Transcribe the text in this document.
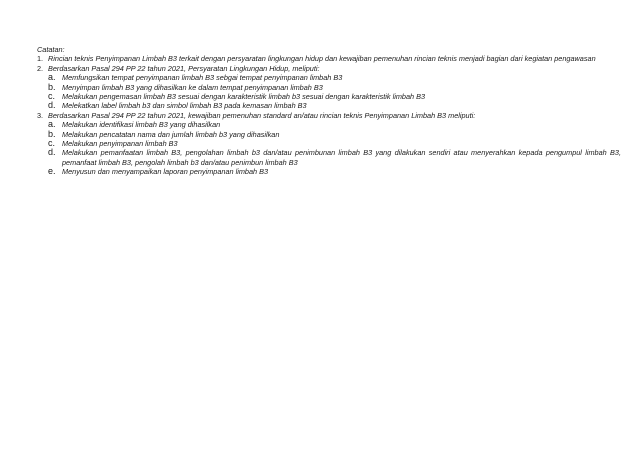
Catatan:
1. Rincian teknis Penyimpanan Limbah B3 terkait dengan persyaratan lingkungan hidup dan kewajiban pemenuhan rincian teknis menjadi bagian dari kegiatan pengawasan
2. Berdasarkan Pasal 294 PP 22 tahun 2021, Persyaratan Lingkungan Hidup, meliputi:
a. Memfungsikan tempat penyimpanan limbah B3 sebgai tempat penyimpanan limbah B3
b. Menyimpan limbah B3 yang dihasilkan ke dalam tempat penyimpanan limbah B3
c. Melakukan pengemasan limbah B3 sesuai dengan karakteristik limbah b3 sesuai dengan karakteristik limbah B3
d. Melekatkan label limbah b3 dan simbol limbah B3 pada kemasan limbah B3
3. Berdasarkan Pasal 294 PP 22 tahun 2021, kewajiban pemenuhan standard an/atau rincian teknis Penyimpanan Limbah B3 meliputi:
a. Melakukan identifikasi limbah B3 yang dihasilkan
b. Melakukan pencatatan nama dan jumlah limbah b3 yang dihasilkan
c. Melakukan penyimpanan limbah B3
d. Melakukan pemanfaatan limbah B3, pengolahan limbah b3 dan/atau penimbunan limbah B3 yang dilakukan sendiri atau menyerahkan kepada pengumpul limbah B3, pemanfaat limbah B3, pengolah limbah b3 dan/atau penimbun limbah B3
e. Menyusun dan menyampaikan laporan penyimpanan limbah B3
